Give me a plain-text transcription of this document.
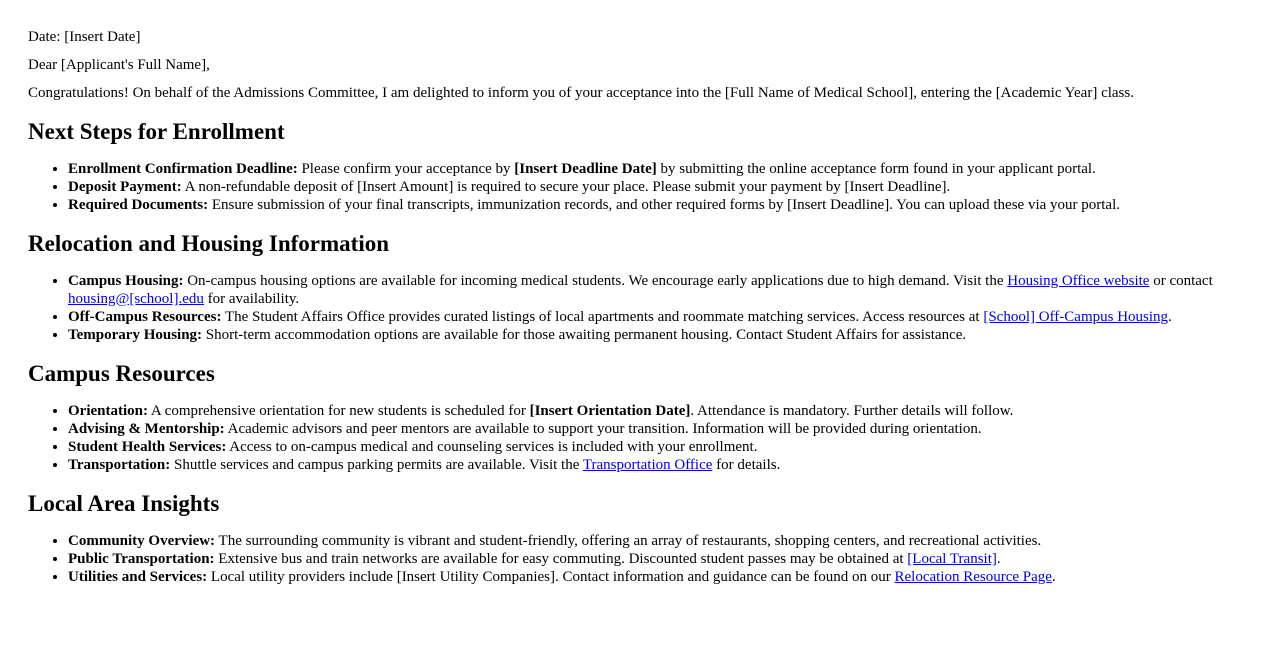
Date: [Insert Date]

Dear [Applicant's Full Name],

Congratulations! On behalf of the Admissions Committee, I am delighted to inform you of your acceptance into the [Full Name of Medical School], entering the [Academic Year] class.

Next Steps for Enrollment
• Enrollment Confirmation Deadline: Please confirm your acceptance by [Insert Deadline Date] by submitting the online acceptance form found in your applicant portal.
• Deposit Payment: A non-refundable deposit of [Insert Amount] is required to secure your place. Please submit your payment by [Insert Deadline].
• Required Documents: Ensure submission of your final transcripts, immunization records, and other required forms by [Insert Deadline]. You can upload these via your portal.
Relocation and Housing Information
• Campus Housing: On-campus housing options are available for incoming medical students. We encourage early applications due to high demand. Visit the Housing Office website or contact housing@[school].edu for availability.
• Off-Campus Resources: The Student Affairs Office provides curated listings of local apartments and roommate matching services. Access resources at [School] Off-Campus Housing.
• Temporary Housing: Short-term accommodation options are available for those awaiting permanent housing. Contact Student Affairs for assistance.
Campus Resources
• Orientation: A comprehensive orientation for new students is scheduled for [Insert Orientation Date]. Attendance is mandatory. Further details will follow.
• Advising & Mentorship: Academic advisors and peer mentors are available to support your transition. Information will be provided during orientation.
• Student Health Services: Access to on-campus medical and counseling services is included with your enrollment.
• Transportation: Shuttle services and campus parking permits are available. Visit the Transportation Office for details.
Local Area Insights
• Community Overview: The surrounding community is vibrant and student-friendly, offering an array of restaurants, shopping centers, and recreational activities.
• Public Transportation: Extensive bus and train networks are available for easy commuting. Discounted student passes may be obtained at [Local Transit].
• Utilities and Services: Local utility providers include [Insert Utility Companies]. Contact information and guidance can be found on our Relocation Resource Page.
